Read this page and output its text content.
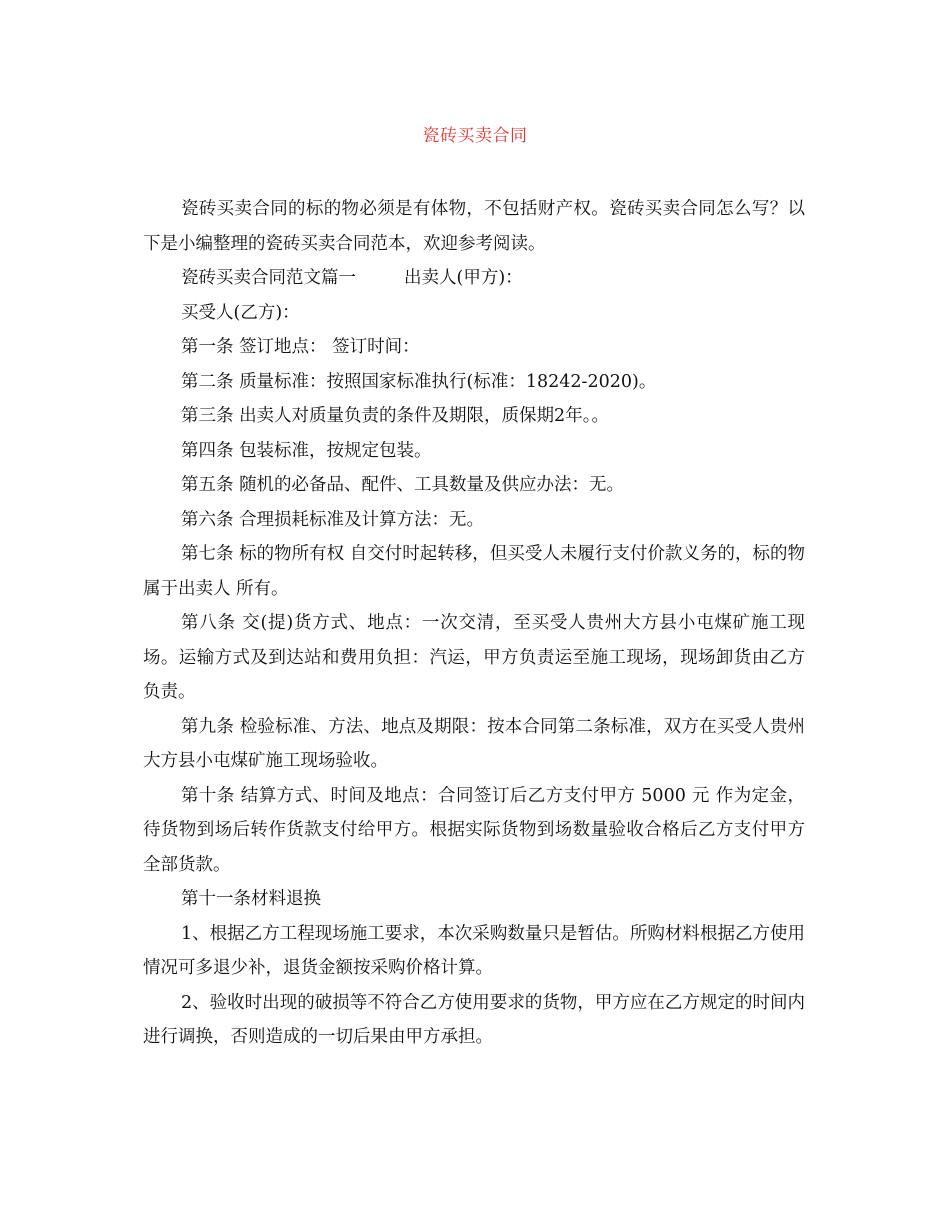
瓷砖买卖合同

瓷砖买卖合同的标的物必须是有体物，不包括财产权。瓷砖买卖合同怎么写？以下是小编整理的瓷砖买卖合同范本，欢迎参考阅读。

瓷砖买卖合同范文篇一	出卖人(甲方)：

买受人(乙方)：

第一条 签订地点： 签订时间：

第二条 质量标准：按照国家标准执行(标准：18242-2020)。

第三条 出卖人对质量负责的条件及期限，质保期2年。。

第四条 包装标准，按规定包装。

第五条 随机的必备品、配件、工具数量及供应办法：无。

第六条 合理损耗标准及计算方法：无。

第七条 标的物所有权 自交付时起转移，但买受人未履行支付价款义务的，标的物属于出卖人 所有。

第八条 交(提)货方式、地点：一次交清，至买受人贵州大方县小屯煤矿施工现场。运输方式及到达站和费用负担：汽运，甲方负责运至施工现场，现场卸货由乙方 负责。

第九条 检验标准、方法、地点及期限：按本合同第二条标准，双方在买受人贵州大方县小屯煤矿施工现场验收。

第十条 结算方式、时间及地点：合同签订后乙方支付甲方 5000 元 作为定金，待货物到场后转作货款支付给甲方。根据实际货物到场数量验收合格后乙方支付甲方全部货款。

第十一条材料退换

1、根据乙方工程现场施工要求，本次采购数量只是暂估。所购材料根据乙方使用情况可多退少补，退货金额按采购价格计算。

2、验收时出现的破损等不符合乙方使用要求的货物，甲方应在乙方规定的时间内进行调换，否则造成的一切后果由甲方承担。
